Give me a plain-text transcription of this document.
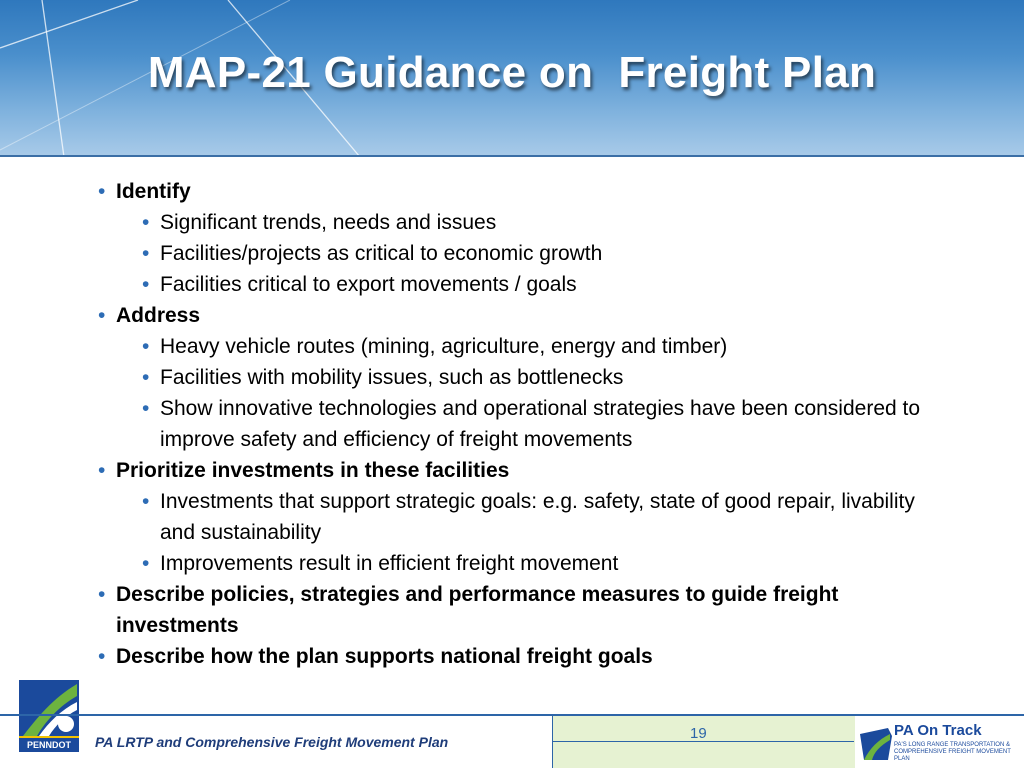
MAP-21 Guidance on  Freight Plan
• Identify
• Significant trends, needs and issues
• Facilities/projects as critical to economic growth
• Facilities critical to export movements / goals
• Address
• Heavy vehicle routes (mining, agriculture, energy and timber)
• Facilities with mobility issues, such as bottlenecks
• Show innovative technologies and operational strategies have been considered to improve safety and efficiency of freight movements
• Prioritize investments in these facilities
• Investments that support strategic goals: e.g. safety, state of good repair, livability and sustainability
• Improvements result in efficient freight movement
• Describe policies, strategies and performance measures to guide freight investments
• Describe how the plan supports national freight goals
PENNDOT	PA LRTP and Comprehensive Freight Movement Plan	19	PA On Track
PA'S LONG RANGE TRANSPORTATION & COMPREHENSIVE FREIGHT MOVEMENT PLAN
